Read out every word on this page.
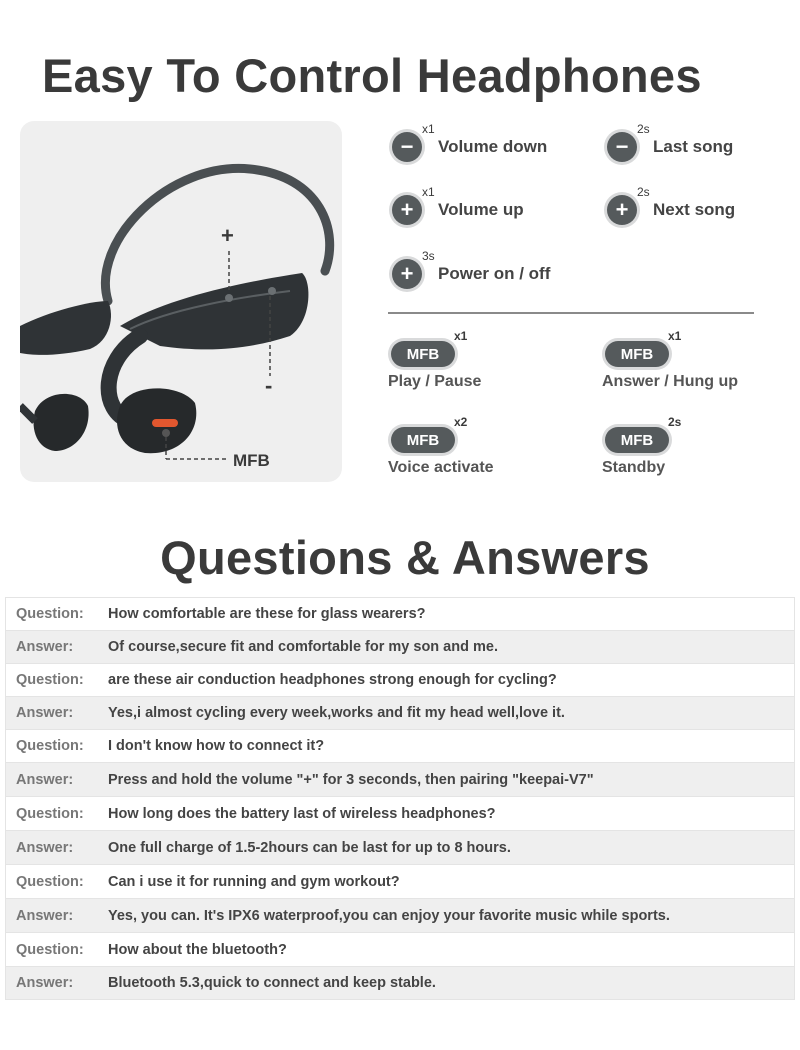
Easy To Control Headphones
+
-
MFB
−
x1
Volume down	−
2s
Last song
+
x1
Volume up	+
2s
Next song
+
3s
Power on / off
MFB
x1
Play / Pause
MFB
x1
Answer / Hung up
MFB
x2
Voice activate
MFB
2s
Standby
Questions & Answers
Question:	How comfortable are these for glass wearers?
Answer:	Of course,secure fit and comfortable for my son and me.
Question:	are these air conduction headphones strong enough for cycling?
Answer:	Yes,i almost cycling every week,works and fit my head well,love it.
Question:	I don't know how to connect it?
Answer:	Press and hold the volume "+" for 3 seconds, then pairing "keepai-V7"
Question:	How long does the battery last of wireless headphones?
Answer:	One full charge of 1.5-2hours can be last for up to 8 hours.
Question:	Can i use it for running and gym workout?
Answer:	Yes, you can. It's IPX6 waterproof,you can enjoy your favorite music while sports.
Question:	How about the bluetooth?
Answer:	Bluetooth 5.3,quick to connect and keep stable.
